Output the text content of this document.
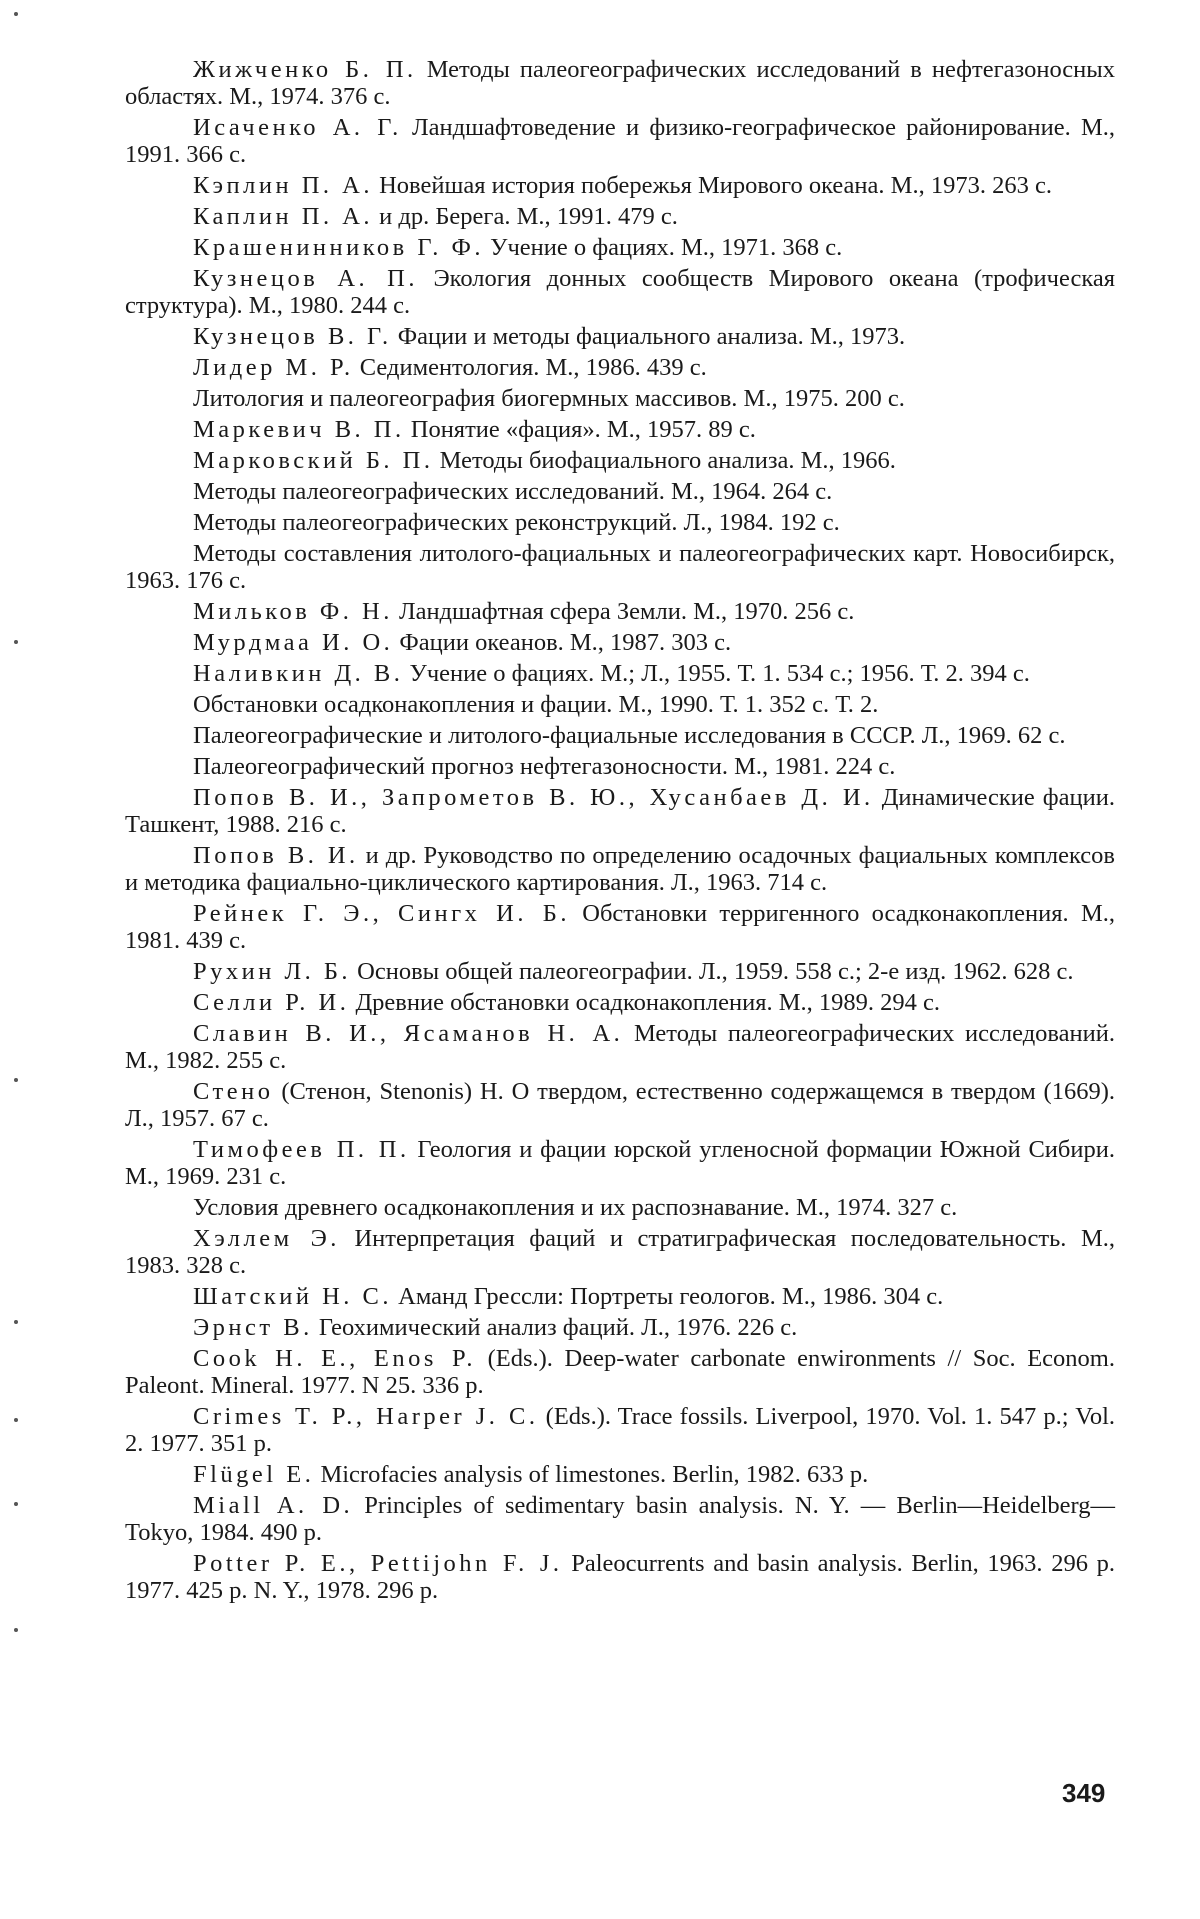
Жижченко Б. П. Методы палеогеографических исследований в нефтегазоносных областях. М., 1974. 376 с.

Исаченко А. Г. Ландшафтоведение и физико-географическое районирование. М., 1991. 366 с.

Кэплин П. А. Новейшая история побережья Мирового океана. М., 1973. 263 с.

Каплин П. А. и др. Берега. М., 1991. 479 с.

Крашенинников Г. Ф. Учение о фациях. М., 1971. 368 с.

Кузнецов А. П. Экология донных сообществ Мирового океана (трофическая структура). М., 1980. 244 с.

Кузнецов В. Г. Фации и методы фациального анализа. М., 1973.

Лидер М. Р. Седиментология. М., 1986. 439 с.

Литология и палеогеография биогермных массивов. М., 1975. 200 с.

Маркевич В. П. Понятие «фация». М., 1957. 89 с.

Марковский Б. П. Методы биофациального анализа. М., 1966.

Методы палеогеографических исследований. М., 1964. 264 с.

Методы палеогеографических реконструкций. Л., 1984. 192 с.

Методы составления литолого-фациальных и палеогеографических карт. Новосибирск, 1963. 176 с.

Мильков Ф. Н. Ландшафтная сфера Земли. М., 1970. 256 с.

Мурдмаа И. О. Фации океанов. М., 1987. 303 с.

Наливкин Д. В. Учение о фациях. М.; Л., 1955. Т. 1. 534 с.; 1956. Т. 2. 394 с.

Обстановки осадконакопления и фации. М., 1990. Т. 1. 352 с. Т. 2.

Палеогеографические и литолого-фациальные исследования в СССР. Л., 1969. 62 с.

Палеогеографический прогноз нефтегазоносности. М., 1981. 224 с.

Попов В. И., Запрометов В. Ю., Хусанбаев Д. И. Динамические фации. Ташкент, 1988. 216 с.

Попов В. И. и др. Руководство по определению осадочных фациальных комплексов и методика фациально-циклического картирования. Л., 1963. 714 с.

Рейнек Г. Э., Сингх И. Б. Обстановки терригенного осадконакопления. М., 1981. 439 с.

Рухин Л. Б. Основы общей палеогеографии. Л., 1959. 558 с.; 2-е изд. 1962. 628 с.

Селли Р. И. Древние обстановки осадконакопления. М., 1989. 294 с.

Славин В. И., Ясаманов Н. А. Методы палеогеографических исследований. М., 1982. 255 с.

Стено (Стенон, Stenonis) Н. О твердом, естественно содержащемся в твердом (1669). Л., 1957. 67 с.

Тимофеев П. П. Геология и фации юрской угленосной формации Южной Сибири. М., 1969. 231 с.

Условия древнего осадконакопления и их распознавание. М., 1974. 327 с.

Хэллем Э. Интерпретация фаций и стратиграфическая последовательность. М., 1983. 328 с.

Шатский Н. С. Аманд Грессли: Портреты геологов. М., 1986. 304 с.

Эрнст В. Геохимический анализ фаций. Л., 1976. 226 с.

Cook H. E., Enos P. (Eds.). Deep-water carbonate enwironments // Soc. Econom. Paleont. Mineral. 1977. N 25. 336 p.

Crimes T. P., Harper J. C. (Eds.). Trace fossils. Liverpool, 1970. Vol. 1. 547 p.; Vol. 2. 1977. 351 p.

Flügel E. Microfacies analysis of limestones. Berlin, 1982. 633 p.

Miall A. D. Principles of sedimentary basin analysis. N. Y. — Berlin—Heidelberg—Tokyo, 1984. 490 p.

Potter P. E., Pettijohn F. J. Paleocurrents and basin analysis. Berlin, 1963. 296 p. 1977. 425 p. N. Y., 1978. 296 p.

349
